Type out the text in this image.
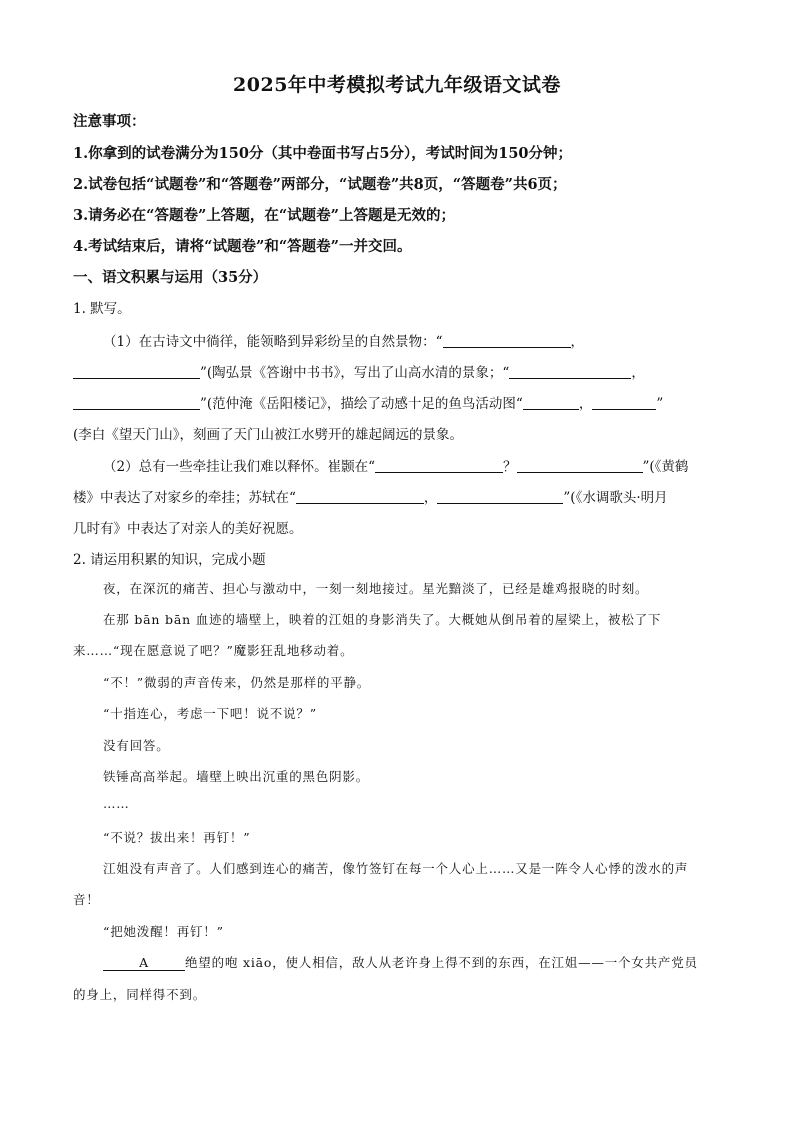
2025年中考模拟考试九年级语文试卷
注意事项：
1.你拿到的试卷满分为150分（其中卷面书写占5分），考试时间为150分钟；
2.试卷包括“试题卷”和“答题卷”两部分，“试题卷”共8页，“答题卷”共6页；
3.请务必在“答题卷”上答题，在“试题卷”上答题是无效的；
4.考试结束后，请将“试题卷”和“答题卷”一并交回。
一、语文积累与运用（35分）
1. 默写。
（1）在古诗文中徜徉，能领略到异彩纷呈的自然景物：“	，
”(陶弘景《答谢中书书》，写出了山高水清的景象；“	，
”(范仲淹《岳阳楼记》，描绘了动感十足的鱼鸟活动图“	，	”
(李白《望天门山》，刻画了天门山被江水劈开的雄起阔远的景象。
（2）总有一些牵挂让我们难以释怀。崔颢在“	？	”(《黄鹤
楼》中表达了对家乡的牵挂；苏轼在“	，	”(《水调歌头·明月
几时有》中表达了对亲人的美好祝愿。
2. 请运用积累的知识，完成小题
夜，在深沉的痛苦、担心与激动中，一刻一刻地接过。星光黯淡了，已经是雄鸡报晓的时刻。
在那 bān bān 血迹的墙壁上，映着的江姐的身影消失了。大概她从倒吊着的屋梁上，被松了下
来……“现在愿意说了吧？”魔影狂乱地移动着。
“不！”微弱的声音传来，仍然是那样的平静。
“十指连心，考虑一下吧！说不说？”
没有回答。
铁锤高高举起。墙壁上映出沉重的黑色阴影。
……
“不说？拔出来！再钉！”
江姐没有声音了。人们感到连心的痛苦，像竹签钉在每一个人心上……又是一阵令人心悸的泼水的声
音！
“把她泼醒！再钉！”
A	绝望的咆 xiāo，使人相信，敌人从老许身上得不到的东西，在江姐——一个女共产党员
的身上，同样得不到。
